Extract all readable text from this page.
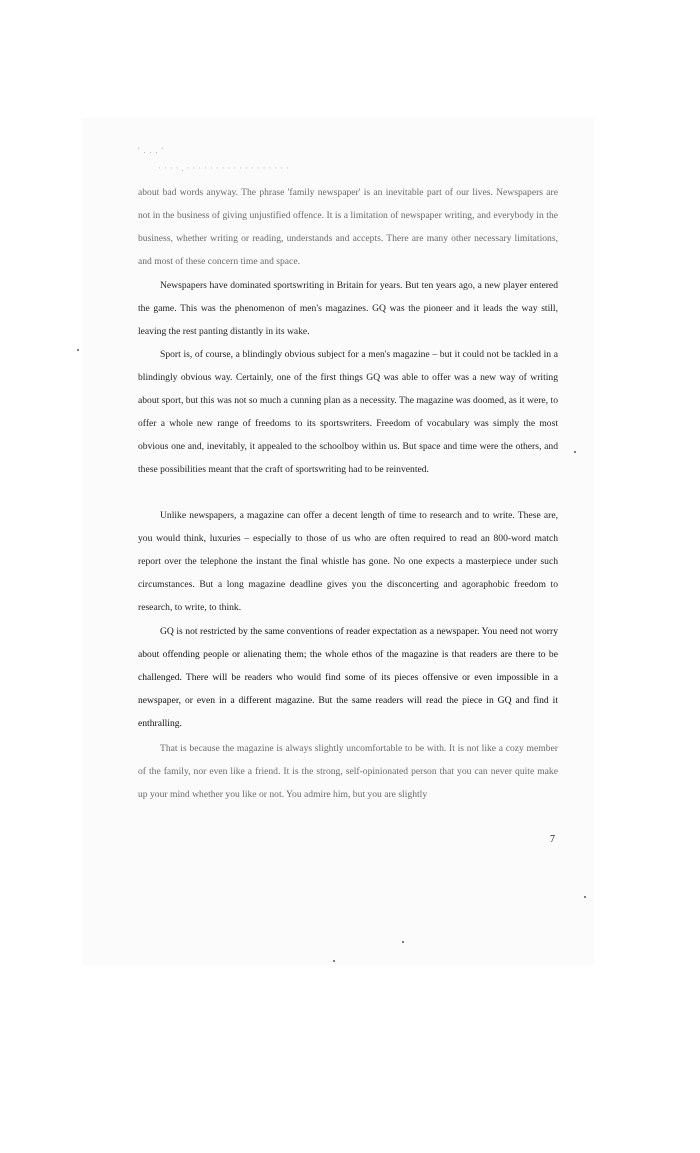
' . . . '
· · · · . · · · · · · · · · · · · · · · · · ·

about bad words anyway. The phrase 'family newspaper' is an inevitable part of our lives. Newspapers are not in the business of giving unjustified offence. It is a limitation of newspaper writing, and everybody in the business, whether writing or reading, understands and accepts. There are many other necessary limitations, and most of these concern time and space.

Newspapers have dominated sportswriting in Britain for years. But ten years ago, a new player entered the game. This was the phenomenon of men's magazines. GQ was the pioneer and it leads the way still, leaving the rest panting distantly in its wake.

Sport is, of course, a blindingly obvious subject for a men's magazine – but it could not be tackled in a blindingly obvious way. Certainly, one of the first things GQ was able to offer was a new way of writing about sport, but this was not so much a cunning plan as a necessity. The magazine was doomed, as it were, to offer a whole new range of freedoms to its sportswriters. Freedom of vocabulary was simply the most obvious one and, inevitably, it appealed to the schoolboy within us. But space and time were the others, and these possibilities meant that the craft of sportswriting had to be reinvented.

Unlike newspapers, a magazine can offer a decent length of time to research and to write. These are, you would think, luxuries – especially to those of us who are often required to read an 800-word match report over the telephone the instant the final whistle has gone. No one expects a masterpiece under such circumstances. But a long magazine deadline gives you the disconcerting and agoraphobic freedom to research, to write, to think.

GQ is not restricted by the same conventions of reader expectation as a newspaper. You need not worry about offending people or alienating them; the whole ethos of the magazine is that readers are there to be challenged. There will be readers who would find some of its pieces offensive or even impossible in a newspaper, or even in a different magazine. But the same readers will read the piece in GQ and find it enthralling.

That is because the magazine is always slightly uncomfortable to be with. It is not like a cozy member of the family, nor even like a friend. It is the strong, self-opinionated person that you can never quite make up your mind whether you like or not. You admire him, but you are slightly

7
